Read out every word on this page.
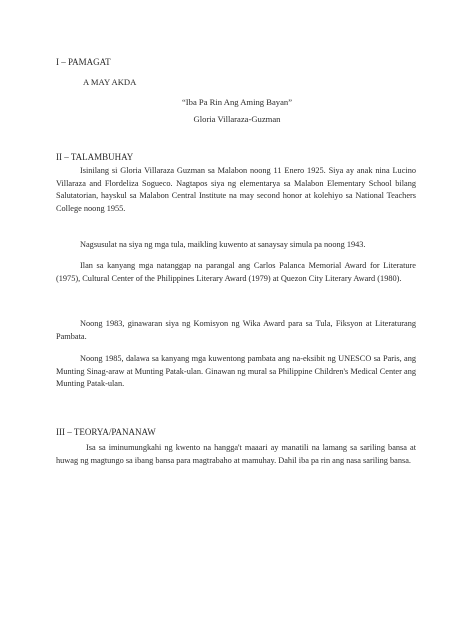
I – PAMAGAT
A MAY AKDA
“Iba Pa Rin Ang Aming Bayan”
Gloria Villaraza-Guzman
II – TALAMBUHAY

Isinilang si Gloria Villaraza Guzman sa Malabon noong 11 Enero 1925. Siya ay anak nina Lucino Villaraza and Flordeliza Sogueco. Nagtapos siya ng elementarya sa Malabon Elementary School bilang Salutatorian, hayskul sa Malabon Central Institute na may second honor at kolehiyo sa National Teachers College noong 1955.

Nagsusulat na siya ng mga tula, maikling kuwento at sanaysay simula pa noong 1943.

Ilan sa kanyang mga natanggap na parangal ang Carlos Palanca Memorial Award for Literature (1975), Cultural Center of the Philippines Literary Award (1979) at Quezon City Literary Award (1980).

Noong 1983, ginawaran siya ng Komisyon ng Wika Award para sa Tula, Fiksyon at Literaturang Pambata.

Noong 1985, dalawa sa kanyang mga kuwentong pambata ang na-eksibit ng UNESCO sa Paris, ang Munting Sinag-araw at Munting Patak-ulan. Ginawan ng mural sa Philippine Children's Medical Center ang Munting Patak-ulan.

III – TEORYA/PANANAW

Isa sa iminumungkahi ng kwento na hangga't maaari ay manatili na lamang sa sariling bansa at huwag ng magtungo sa ibang bansa para magtrabaho at mamuhay. Dahil iba pa rin ang nasa sariling bansa.
